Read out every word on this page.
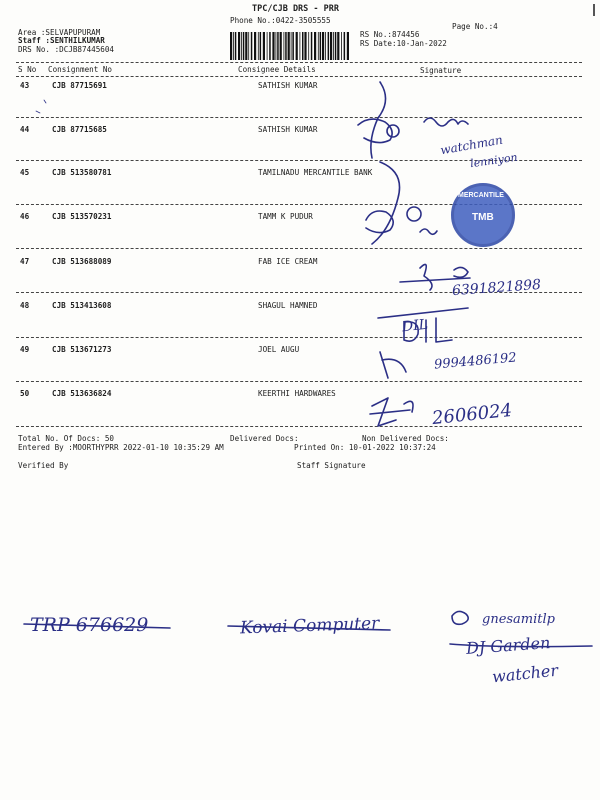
TPC/CJB DRS - PRR
Phone No.:0422-3505555
Page No.:4
Area :SELVAPUPURAM
Staff :SENTHILKUMAR
DRS No. :DCJB87445604
RS No.:874456
RS Date:10-Jan-2022
S No Consignment No	Consignee Details	Signature
43	CJB 87715691	SATHISH KUMAR
44	CJB 87715685	SATHISH KUMAR
45	CJB 513580781	TAMILNADU MERCANTILE BANK
46	CJB 513570231	TAMM K PUDUR
47	CJB 513688089	FAB ICE CREAM
48	CJB 513413608	SHAGUL HAMNED
49	CJB 513671273	JOEL AUGU
50	CJB 513636824	KEERTHI HARDWARES
Total No. Of Docs: 50	Delivered Docs:	Non Delivered Docs:
Entered By :MOORTHYPRR 2022-01-10 10:35:29 AM	Printed On: 10-01-2022 10:37:24
Verified By	Staff Signature
watchman
lenniyon
6391821898
DIL
9994486192
2606024
TRP 676629	Kovai Computer	gnesamitlp
DJ Garden
watcher
MERCANTILE
TMB
